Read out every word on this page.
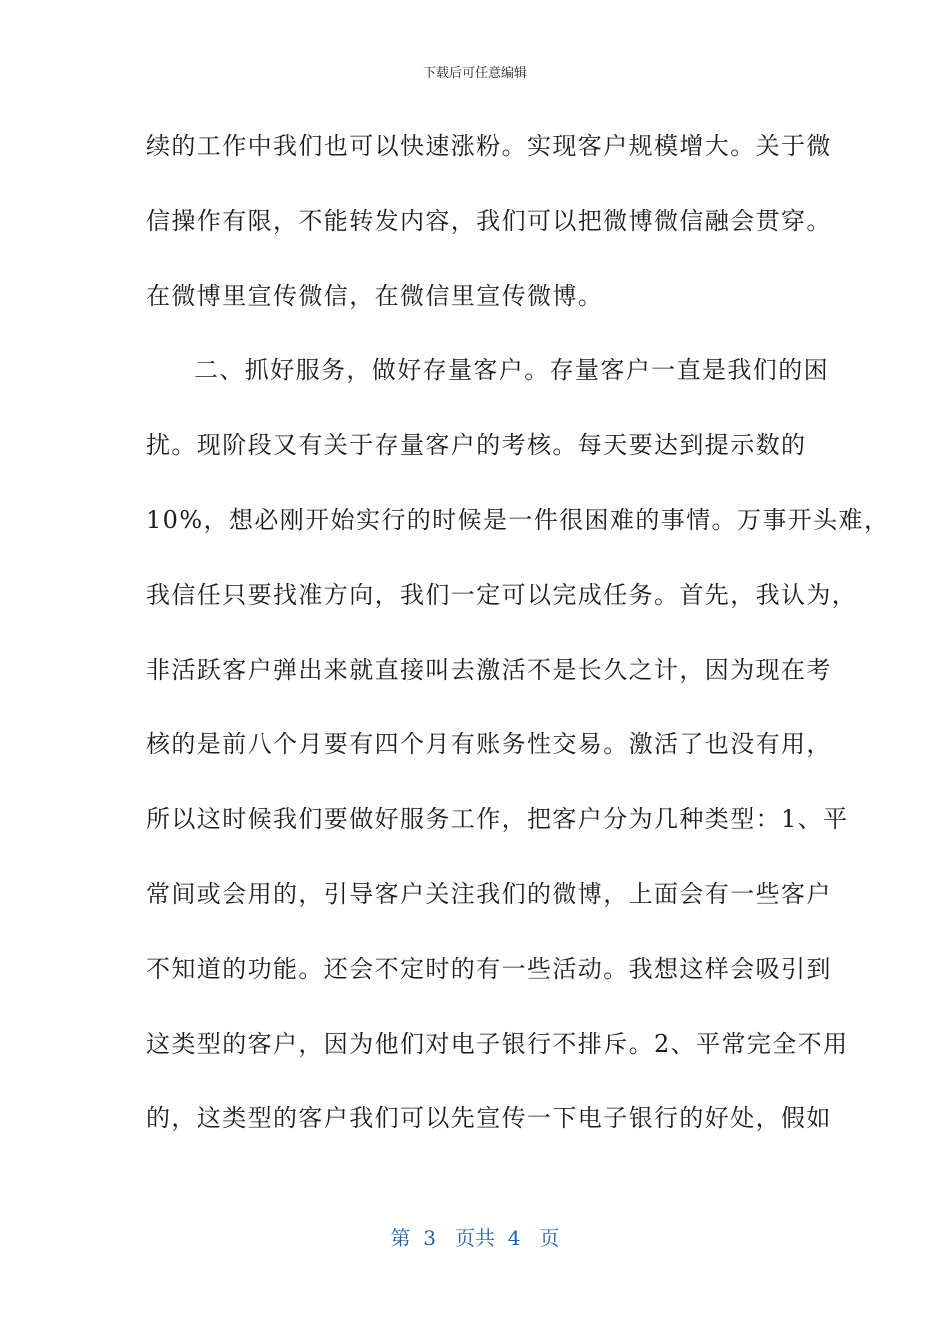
下载后可任意编辑
续的工作中我们也可以快速涨粉。实现客户规模增大。关于微
信操作有限，不能转发内容，我们可以把微博微信融会贯穿。
在微博里宣传微信，在微信里宣传微博。
二、抓好服务，做好存量客户。存量客户一直是我们的困
扰。现阶段又有关于存量客户的考核。每天要达到提示数的
10%，想必刚开始实行的时候是一件很困难的事情。万事开头难，
我信任只要找准方向，我们一定可以完成任务。首先，我认为，
非活跃客户弹出来就直接叫去激活不是长久之计，因为现在考
核的是前八个月要有四个月有账务性交易。激活了也没有用，
所以这时候我们要做好服务工作，把客户分为几种类型：1、平
常间或会用的，引导客户关注我们的微博，上面会有一些客户
不知道的功能。还会不定时的有一些活动。我想这样会吸引到
这类型的客户，因为他们对电子银行不排斥。2、平常完全不用
的，这类型的客户我们可以先宣传一下电子银行的好处，假如
第 3 页共 4 页
